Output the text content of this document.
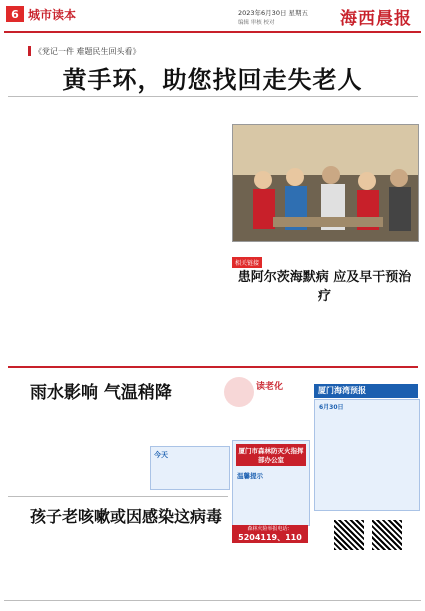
6 城市读本	2023年6月30日 星期五
编辑 审核 校对	海西晨报
《党记一件 难题民生回头看》
黄手环，助您找回走失老人
相关链接
患阿尔茨海默病 应及早干预治疗
雨水影响 气温稍降	读老化
今天
孩子老咳嗽或因感染这病毒
厦门市森林防灭火指挥部办公室
温馨提示
森林火险举报电话：
5204119、110
厦门海湾预报
6月30日
